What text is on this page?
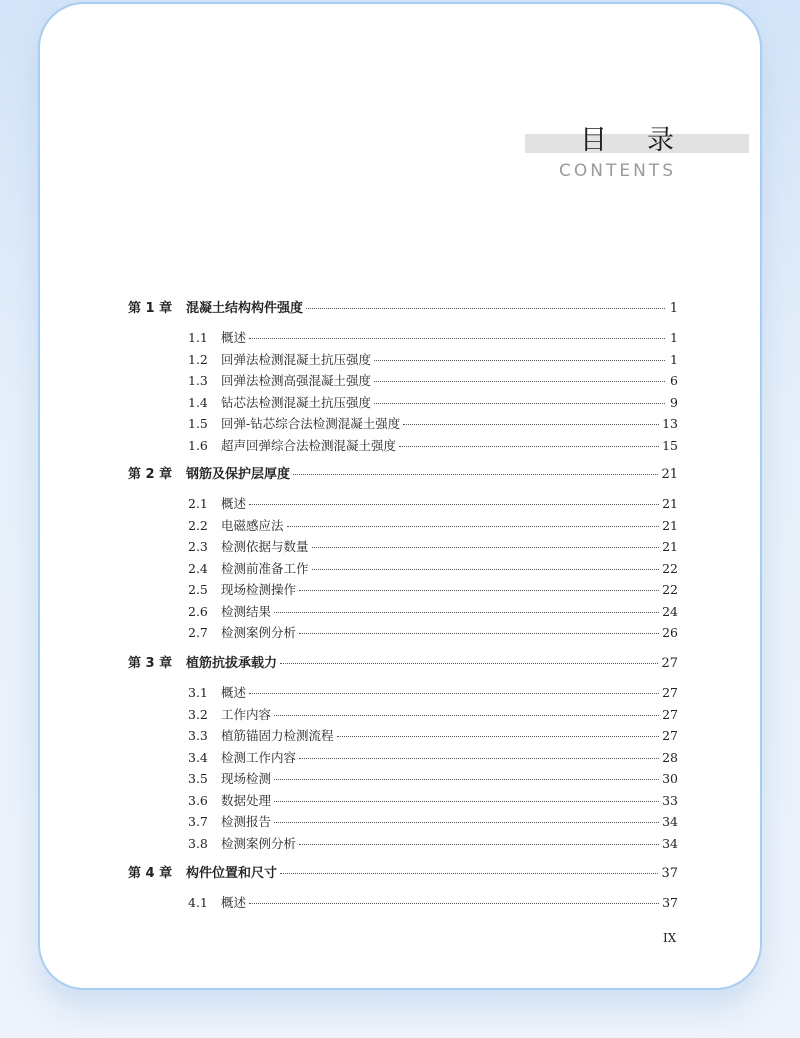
目录
CONTENTS
第 1 章	混凝土结构构件强度	1
1.1	概述	1
1.2	回弹法检测混凝土抗压强度	1
1.3	回弹法检测高强混凝土强度	6
1.4	钻芯法检测混凝土抗压强度	9
1.5	回弹-钻芯综合法检测混凝土强度	13
1.6	超声回弹综合法检测混凝土强度	15
第 2 章	钢筋及保护层厚度	21
2.1	概述	21
2.2	电磁感应法	21
2.3	检测依据与数量	21
2.4	检测前准备工作	22
2.5	现场检测操作	22
2.6	检测结果	24
2.7	检测案例分析	26
第 3 章	植筋抗拔承载力	27
3.1	概述	27
3.2	工作内容	27
3.3	植筋锚固力检测流程	27
3.4	检测工作内容	28
3.5	现场检测	30
3.6	数据处理	33
3.7	检测报告	34
3.8	检测案例分析	34
第 4 章	构件位置和尺寸	37
4.1	概述	37
IX
